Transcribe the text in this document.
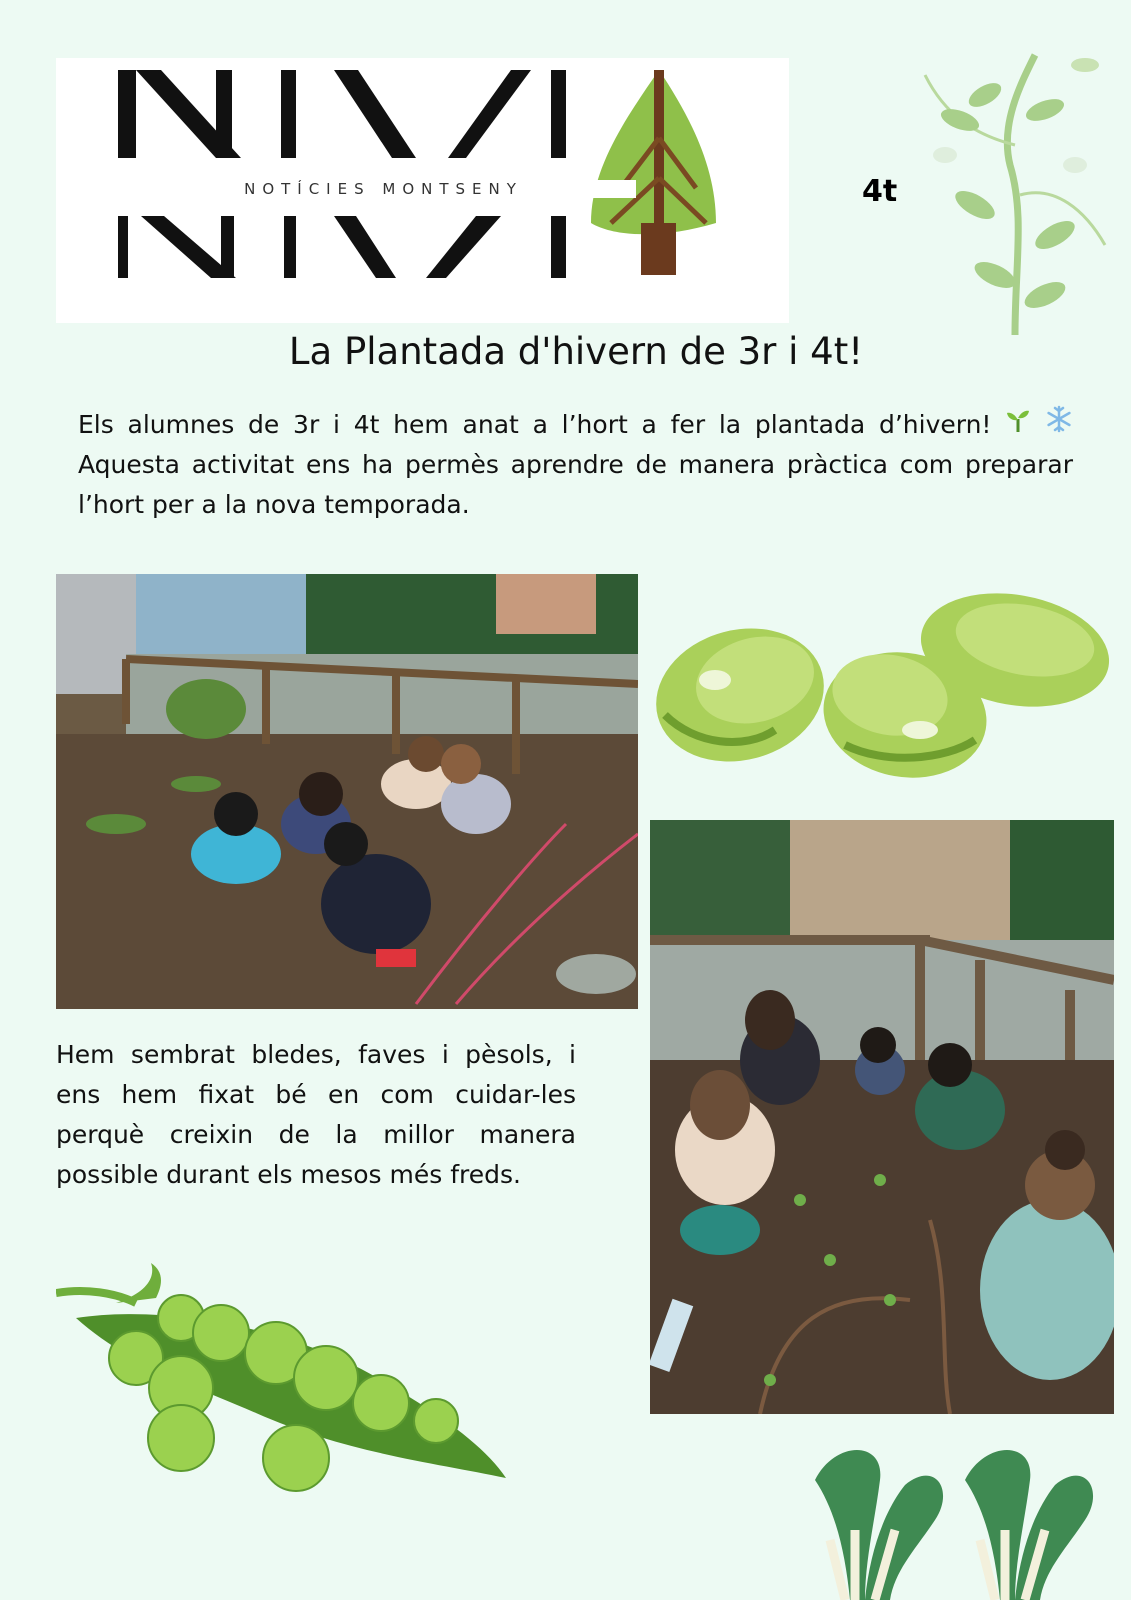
NOTÍCIES MONTSENY	4t
La Plantada d'hivern de 3r i 4t!
Els alumnes de 3r i 4t hem anat a l’hort a fer la plantada d’hivern!   Aquesta activitat ens ha permès aprendre de manera pràctica com preparar l’hort per a la nova temporada.
Hem sembrat bledes, faves i pèsols, i ens hem fixat bé en com cuidar-les perquè creixin de la millor manera possible durant els mesos més freds.
